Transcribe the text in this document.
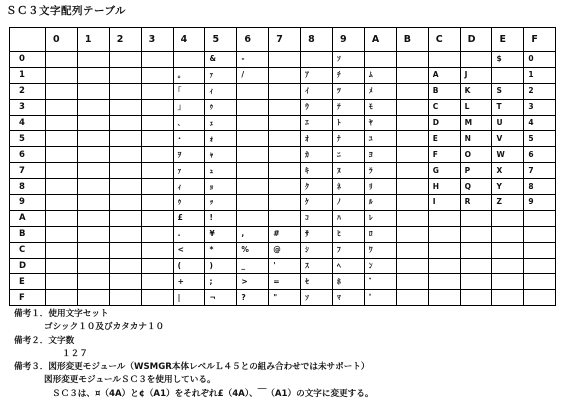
ＳＣ３文字配列テーブル
	0	1	2	3	4	5	6	7	8	9	A	B	C	D	E	F
0						&	-			ｿ					$	0
1					｡	ｧ	/		ｱ	ﾁ	ﾑ		A	J		1
2					｢	ｨ			ｲ	ﾂ	ﾒ		B	K	S	2
3					｣	ｩ			ｳ	ﾃ	ﾓ		C	L	T	3
4					､	ｪ			ｴ	ﾄ	ﾔ		D	M	U	4
5					･	ｫ			ｵ	ﾅ	ﾕ		E	N	V	5
6					ｦ	ｬ			ｶ	ﾆ	ﾖ		F	O	W	6
7					ｧ	ｭ			ｷ	ﾇ	ﾗ		G	P	X	7
8					ｨ	ｮ			ｸ	ﾈ	ﾘ		H	Q	Y	8
9					ｩ	ｯ			ｹ	ﾉ	ﾙ		I	R	Z	9
A					£	!			ｺ	ﾊ	ﾚ					
B					.	¥	,	#	ｻ	ﾋ	ﾛ					
C					<	*	%	@	ｼ	ﾌ	ﾜ					
D					(	)	_	'	ｽ	ﾍ	ﾝ					
E					+	;	>	=	ｾ	ﾎ	ﾞ					
F					|	¬	?	"	ｿ	ﾏ	ﾟ					
備考１．使用文字セット
ゴシック１０及びカタカナ１０
備考２．文字数
１２７
備考３．図形変更モジュール（WSMGR本体レベルＬ４５との組み合わせでは未サポート）
図形変更モジュールＳＣ３を使用している。
ＳＣ３は、¤（4A）と¢（A1）をそれぞれ£（4A）、￣（A1）の文字に変更する。
